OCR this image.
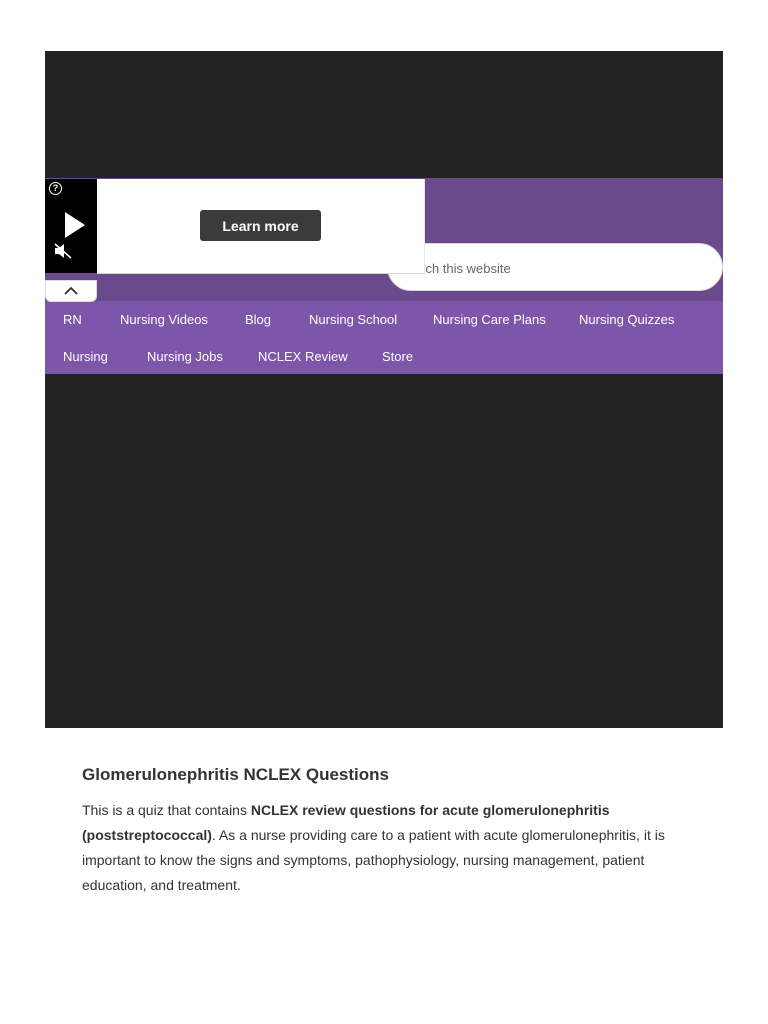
Search this website
RN	Nursing Videos	Blog	Nursing School	Nursing Care Plans	Nursing Quizzes
Nursing	Nursing Jobs	NCLEX Review	Store
?
Learn more
Glomerulonephritis NCLEX Questions

This is a quiz that contains NCLEX review questions for acute glomerulonephritis (poststreptococcal). As a nurse providing care to a patient with acute glomerulonephritis, it is important to know the signs and symptoms, pathophysiology, nursing management, patient education, and treatment.
